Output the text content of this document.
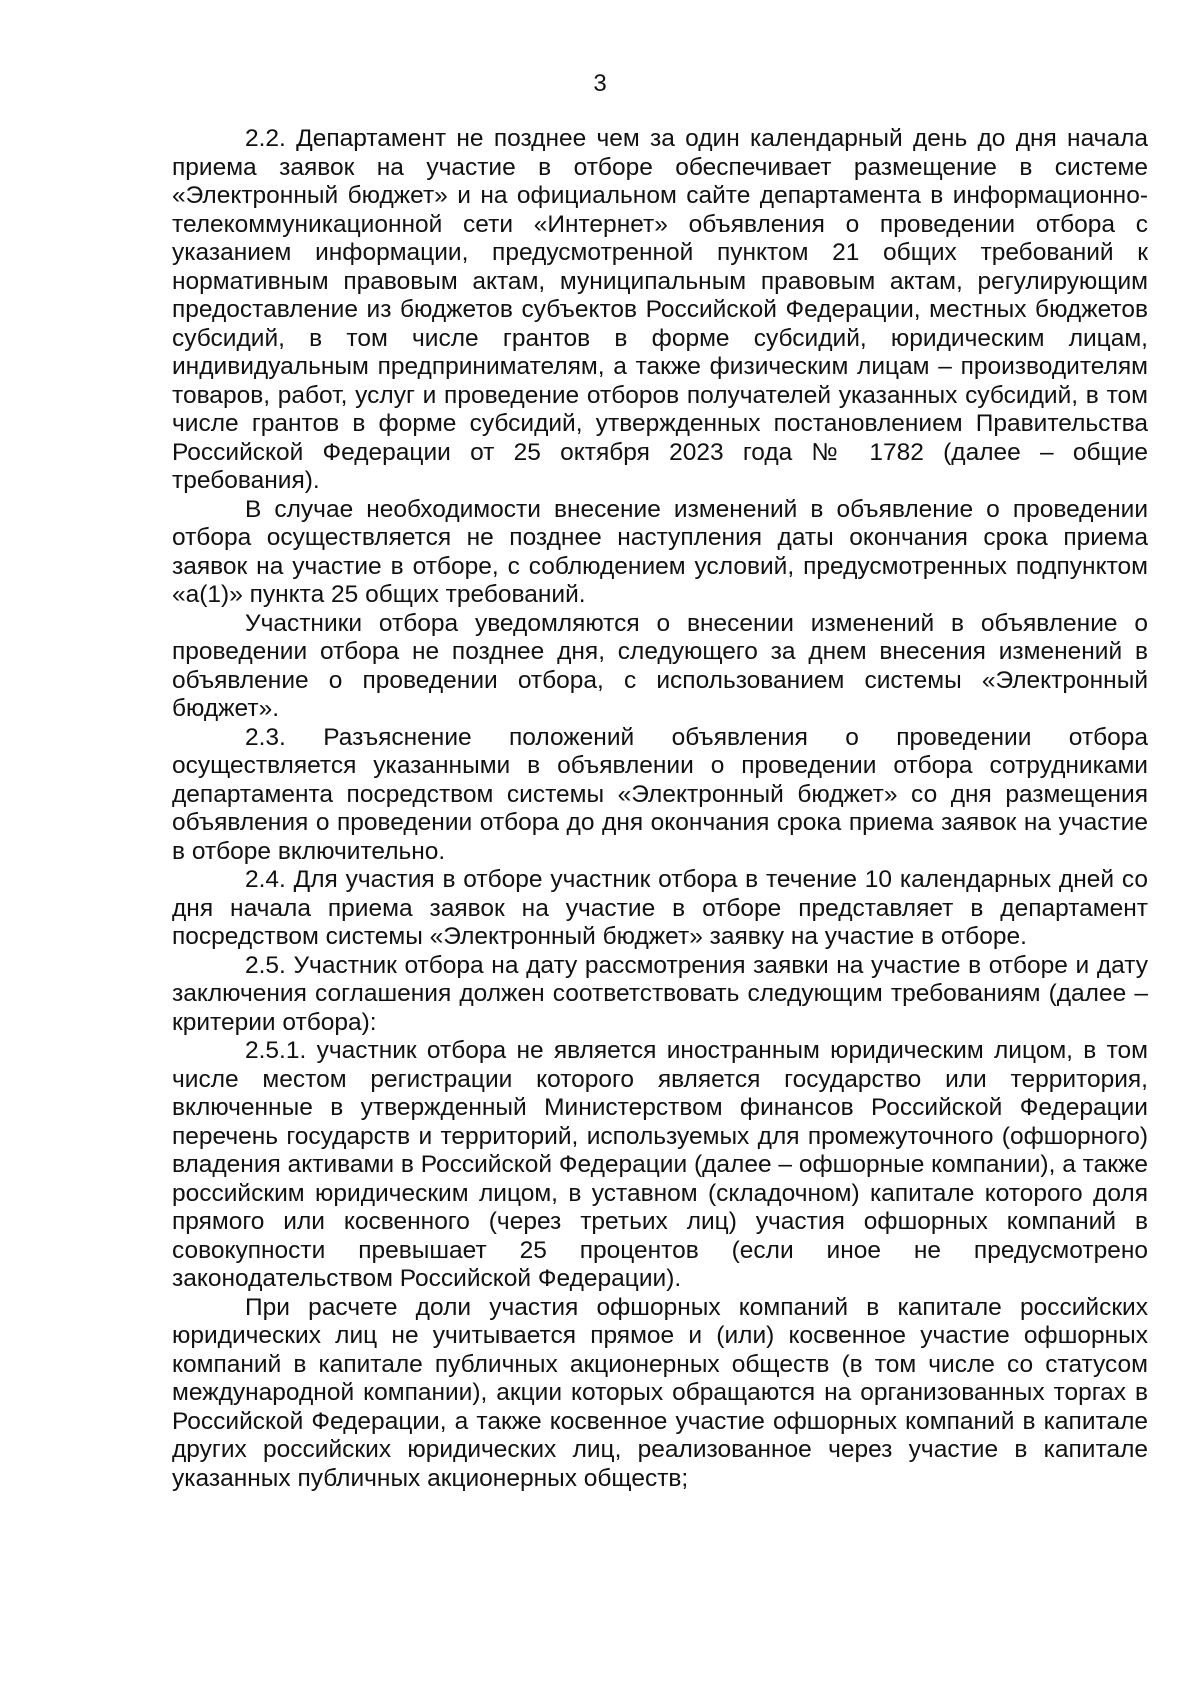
3

2.2. Департамент не позднее чем за один календарный день до дня начала приема заявок на участие в отборе обеспечивает размещение в системе «Электронный бюджет» и на официальном сайте департамента в информационно-телекоммуникационной сети «Интернет» объявления о проведении отбора с указанием информации, предусмотренной пунктом 21 общих требований к нормативным правовым актам, муниципальным правовым актам, регулирующим предоставление из бюджетов субъектов Российской Федерации, местных бюджетов субсидий, в том числе грантов в форме субсидий, юридическим лицам, индивидуальным предпринимателям, а также физическим лицам – производителям товаров, работ, услуг и проведение отборов получателей указанных субсидий, в том числе грантов в форме субсидий, утвержденных постановлением Правительства Российской Федерации от 25 октября 2023 года № 1782 (далее – общие требования).

В случае необходимости внесение изменений в объявление о проведении отбора осуществляется не позднее наступления даты окончания срока приема заявок на участие в отборе, с соблюдением условий, предусмотренных подпунктом «а(1)» пункта 25 общих требований.

Участники отбора уведомляются о внесении изменений в объявление о проведении отбора не позднее дня, следующего за днем внесения изменений в объявление о проведении отбора, с использованием системы «Электронный бюджет».

2.3. Разъяснение положений объявления о проведении отбора осуществляется указанными в объявлении о проведении отбора сотрудниками департамента посредством системы «Электронный бюджет» со дня размещения объявления о проведении отбора до дня окончания срока приема заявок на участие в отборе включительно.

2.4. Для участия в отборе участник отбора в течение 10 календарных дней со дня начала приема заявок на участие в отборе представляет в департамент посредством системы «Электронный бюджет» заявку на участие в отборе.

2.5. Участник отбора на дату рассмотрения заявки на участие в отборе и дату заключения соглашения должен соответствовать следующим требованиям (далее – критерии отбора):

2.5.1. участник отбора не является иностранным юридическим лицом, в том числе местом регистрации которого является государство или территория, включенные в утвержденный Министерством финансов Российской Федерации перечень государств и территорий, используемых для промежуточного (офшорного) владения активами в Российской Федерации (далее – офшорные компании), а также российским юридическим лицом, в уставном (складочном) капитале которого доля прямого или косвенного (через третьих лиц) участия офшорных компаний в совокупности превышает 25 процентов (если иное не предусмотрено законодательством Российской Федерации).

При расчете доли участия офшорных компаний в капитале российских юридических лиц не учитывается прямое и (или) косвенное участие офшорных компаний в капитале публичных акционерных обществ (в том числе со статусом международной компании), акции которых обращаются на организованных торгах в Российской Федерации, а также косвенное участие офшорных компаний в капитале других российских юридических лиц, реализованное через участие в капитале указанных публичных акционерных обществ;
